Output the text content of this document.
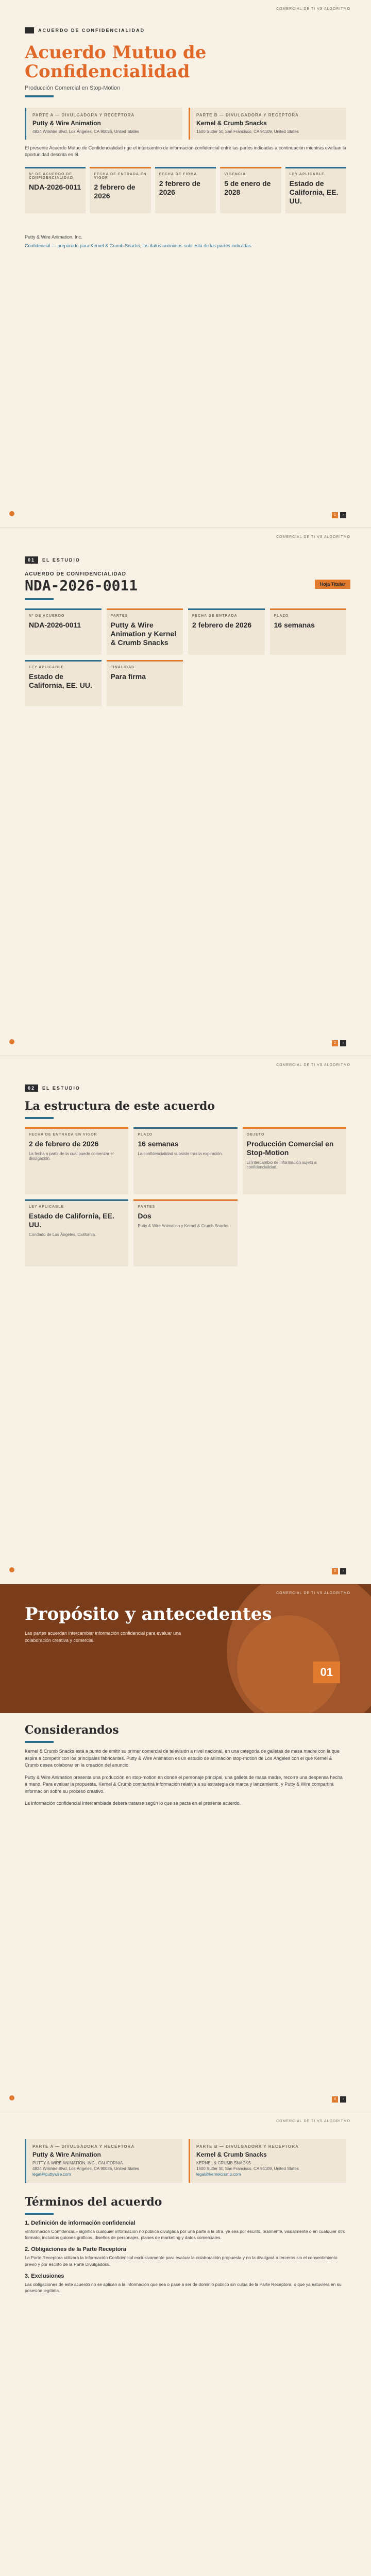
COMERCIAL DE TI VS ALGORITMO
ACUERDO DE CONFIDENCIALIDAD
Acuerdo Mutuo de Confidencialidad
Producción Comercial en Stop-Motion
PARTE A — DIVULGADORA Y RECEPTORA
Putty & Wire Animation

4824 Wilshire Blvd, Los Ángeles, CA 90036, United States

PARTE B — DIVULGADORA Y RECEPTORA
Kernel & Crumb Snacks

1500 Sutter St, San Francisco, CA 94109, United States

El presente Acuerdo Mutuo de Confidencialidad rige el intercambio de información confidencial entre las partes indicadas a continuación mientras evalúan la oportunidad descrita en él.
Nº DE ACUERDO DE CONFIDENCIALIDAD
NDA-2026-0011
FECHA DE ENTRADA EN VIGOR
2 febrero de 2026
FECHA DE FIRMA
2 febrero de 2026
VIGENCIA
5 de enero de 2028
LEY APLICABLE
Estado de California, EE. UU.
Putty & Wire Animation, Inc.
Confidencial — preparado para Kernel & Crumb Snacks, los datos anónimos solo está de las partes indicadas.
1	›
COMERCIAL DE TI VS ALGORITMO
01	EL ESTUDIO
ACUERDO DE CONFIDENCIALIDAD
NDA-2026-0011	Hoja Titular
Nº DE ACUERDO
NDA-2026-0011
PARTES
Putty & Wire Animation y Kernel & Crumb Snacks
FECHA DE ENTRADA
2 febrero de 2026
PLAZO
16 semanas
LEY APLICABLE
Estado de California, EE. UU.
FINALIDAD
Para firma
2	›
COMERCIAL DE TI VS ALGORITMO
02	EL ESTUDIO
La estructura de este acuerdo
FECHA DE ENTRADA EN VIGOR
2 de febrero de 2026

La fecha a partir de la cual puede comenzar el divulgación.

PLAZO
16 semanas

La confidencialidad subsiste tras la expiración.

OBJETO
Producción Comercial en Stop-Motion

El intercambio de información sujeto a confidencialidad.

LEY APLICABLE
Estado de California, EE. UU.

Condado de Los Ángeles, California.

PARTES
Dos

Putty & Wire Animation y Kernel & Crumb Snacks.

3	›
COMERCIAL DE TI VS ALGORITMO
Propósito y antecedentes

Las partes acuerdan intercambiar información confidencial para evaluar una colaboración creativa y comercial.

01
Considerandos
Kernel & Crumb Snacks está a punto de emitir su primer comercial de televisión a nivel nacional, en una categoría de galletas de masa madre con la que aspira a competir con los principales fabricantes. Putty & Wire Animation es un estudio de animación stop-motion de Los Ángeles con el que Kernel & Crumb desea colaborar en la creación del anuncio.
Putty & Wire Animation presenta una producción en stop-motion en donde el personaje principal, una galleta de masa madre, recorre una despensa hecha a mano. Para evaluar la propuesta, Kernel & Crumb compartirá información relativa a su estrategia de marca y lanzamiento, y Putty & Wire compartirá información sobre su proceso creativo.
La información confidencial intercambiada deberá tratarse según lo que se pacta en el presente acuerdo.
4	›
COMERCIAL DE TI VS ALGORITMO
PARTE A — DIVULGADORA Y RECEPTORA
Putty & Wire Animation

PUTTY & WIRE ANIMATION, INC., CALIFORNIA

4824 Wilshire Blvd, Los Ángeles, CA 90036, United States

legal@puttywire.com

PARTE B — DIVULGADORA Y RECEPTORA
Kernel & Crumb Snacks

KERNEL & CRUMB SNACKS

1500 Sutter St, San Francisco, CA 94109, United States

legal@kernelcrumb.com

Términos del acuerdo
1. Definición de información confidencial
«Información Confidencial» significa cualquier información no pública divulgada por una parte a la otra, ya sea por escrito, oralmente, visualmente o en cualquier otro formato, incluidos guiones gráficos, diseños de personajes, planes de marketing y datos comerciales.
2. Obligaciones de la Parte Receptora
La Parte Receptora utilizará la Información Confidencial exclusivamente para evaluar la colaboración propuesta y no la divulgará a terceros sin el consentimiento previo y por escrito de la Parte Divulgadora.
3. Exclusiones
Las obligaciones de este acuerdo no se aplican a la información que sea o pase a ser de dominio público sin culpa de la Parte Receptora, o que ya estuviera en su posesión legítima.
